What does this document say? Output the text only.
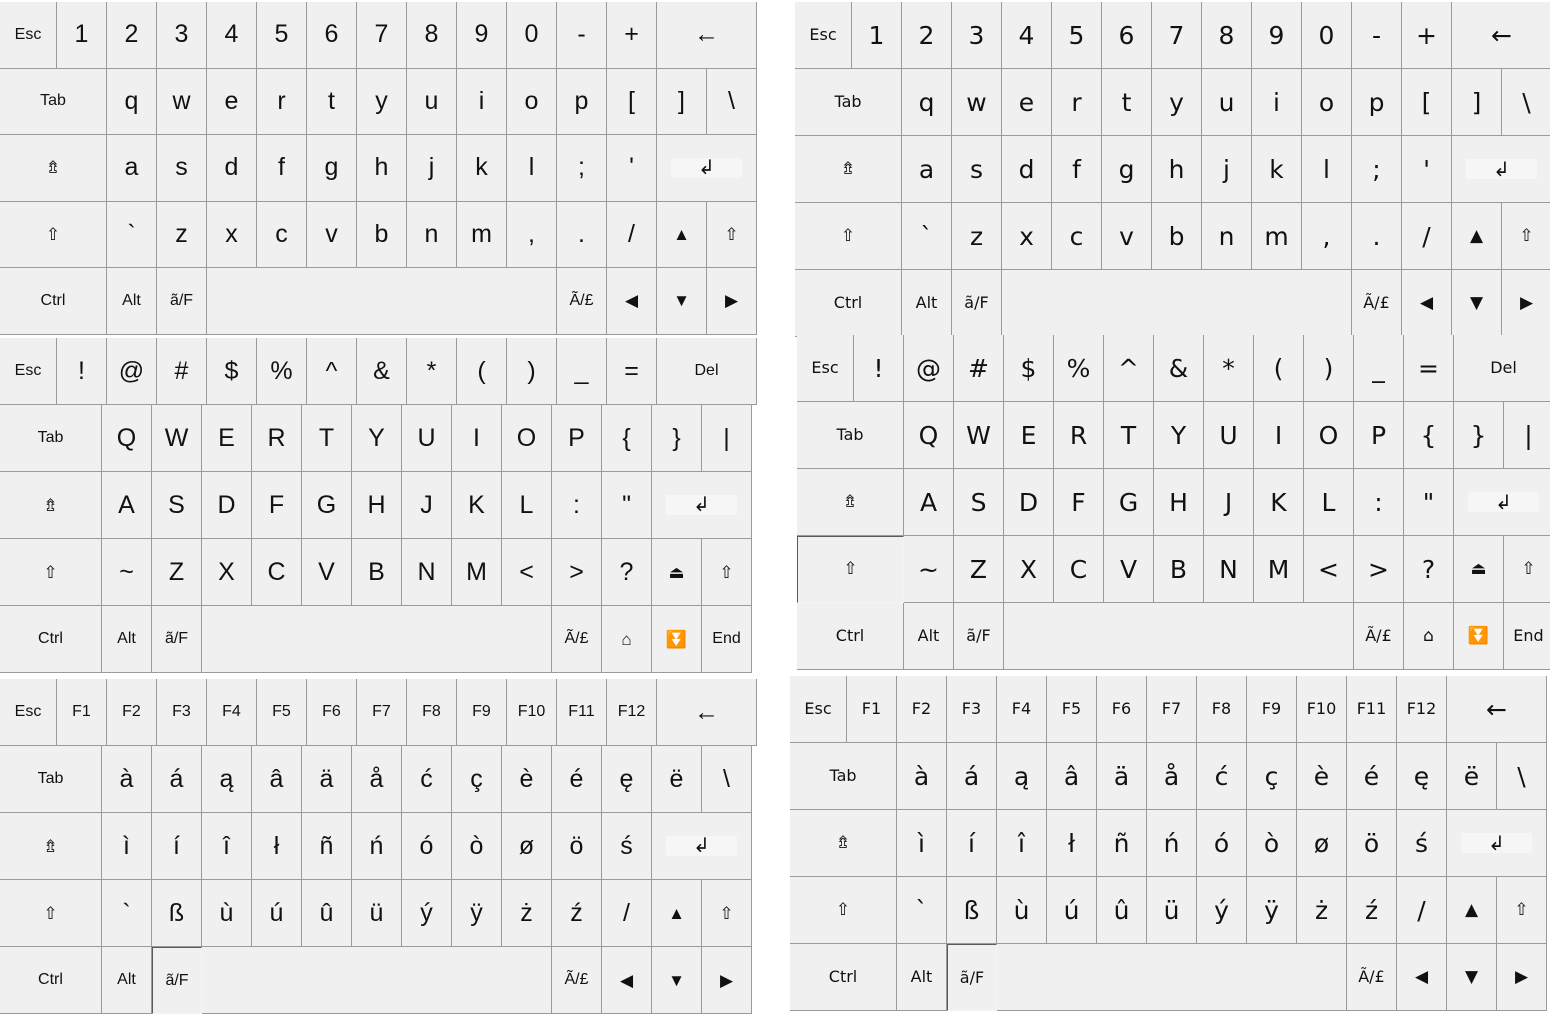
Esc 1 2 3 4 5 6 7 8 9 0 - + ←
Tab q w e r t y u i o p [ ] \
⇯	a s d f g h j k l ; '	↲
⇧	` z x c v b n m , . / ▲ ⇧
Ctrl	Alt ã/F	Ã/£ ◀ ▼ ▶
Esc 1 2 3 4 5 6 7 8 9 0 - + ←
Tab q w e r t y u i o p [ ] \
⇯	a s d f g h j k l ; '	↲
⇧	` z x c v b n m , . / ▲ ⇧
Ctrl	Alt ã/F	Ã/£ ◀ ▼ ▶
Esc ! @ # $ % ^ & * ( ) _ =	Del
Tab Q W E R T Y U I O P { } |
⇯ A S D F G H J K L : "	↲
⇧ ~ Z X C V B N M < > ? ⏏ ⇧
Ctrl	Alt ã/F	Ã/£ ⌂ ⏬ End
Esc ! @ # $ % ^ & * ( ) _ =	Del
Tab Q W E R T Y U I O P { } |
⇯	A S D F G H J K L : "	↲
⇧ ~ Z X C V B N M < > ? ⏏ ⇧
Ctrl	Alt ã/F	Ã/£ ⌂ ⏬ End
Esc F1 F2 F3 F4 F5 F6 F7 F8 F9 F10 F11 F12 ←
Tab à á ą â ä å ć ç è é ę ë \
⇯	ì í î ł ñ ń ó ò ø ö ś	↲
⇧	` ß ù ú û ü ý ÿ ż ź / ▲ ⇧
Ctrl	Alt ã/F	Ã/£ ◀ ▼ ▶
Esc F1 F2 F3 F4 F5 F6 F7 F8 F9 F10 F11 F12 ←
Tab à á ą â ä å ć ç è é ę ë \
⇯	ì í î ł ñ ń ó ò ø ö ś	↲
⇧	` ß ù ú û ü ý ÿ ż ź / ▲ ⇧
Ctrl	Alt ã/F	Ã/£ ◀ ▼ ▶
